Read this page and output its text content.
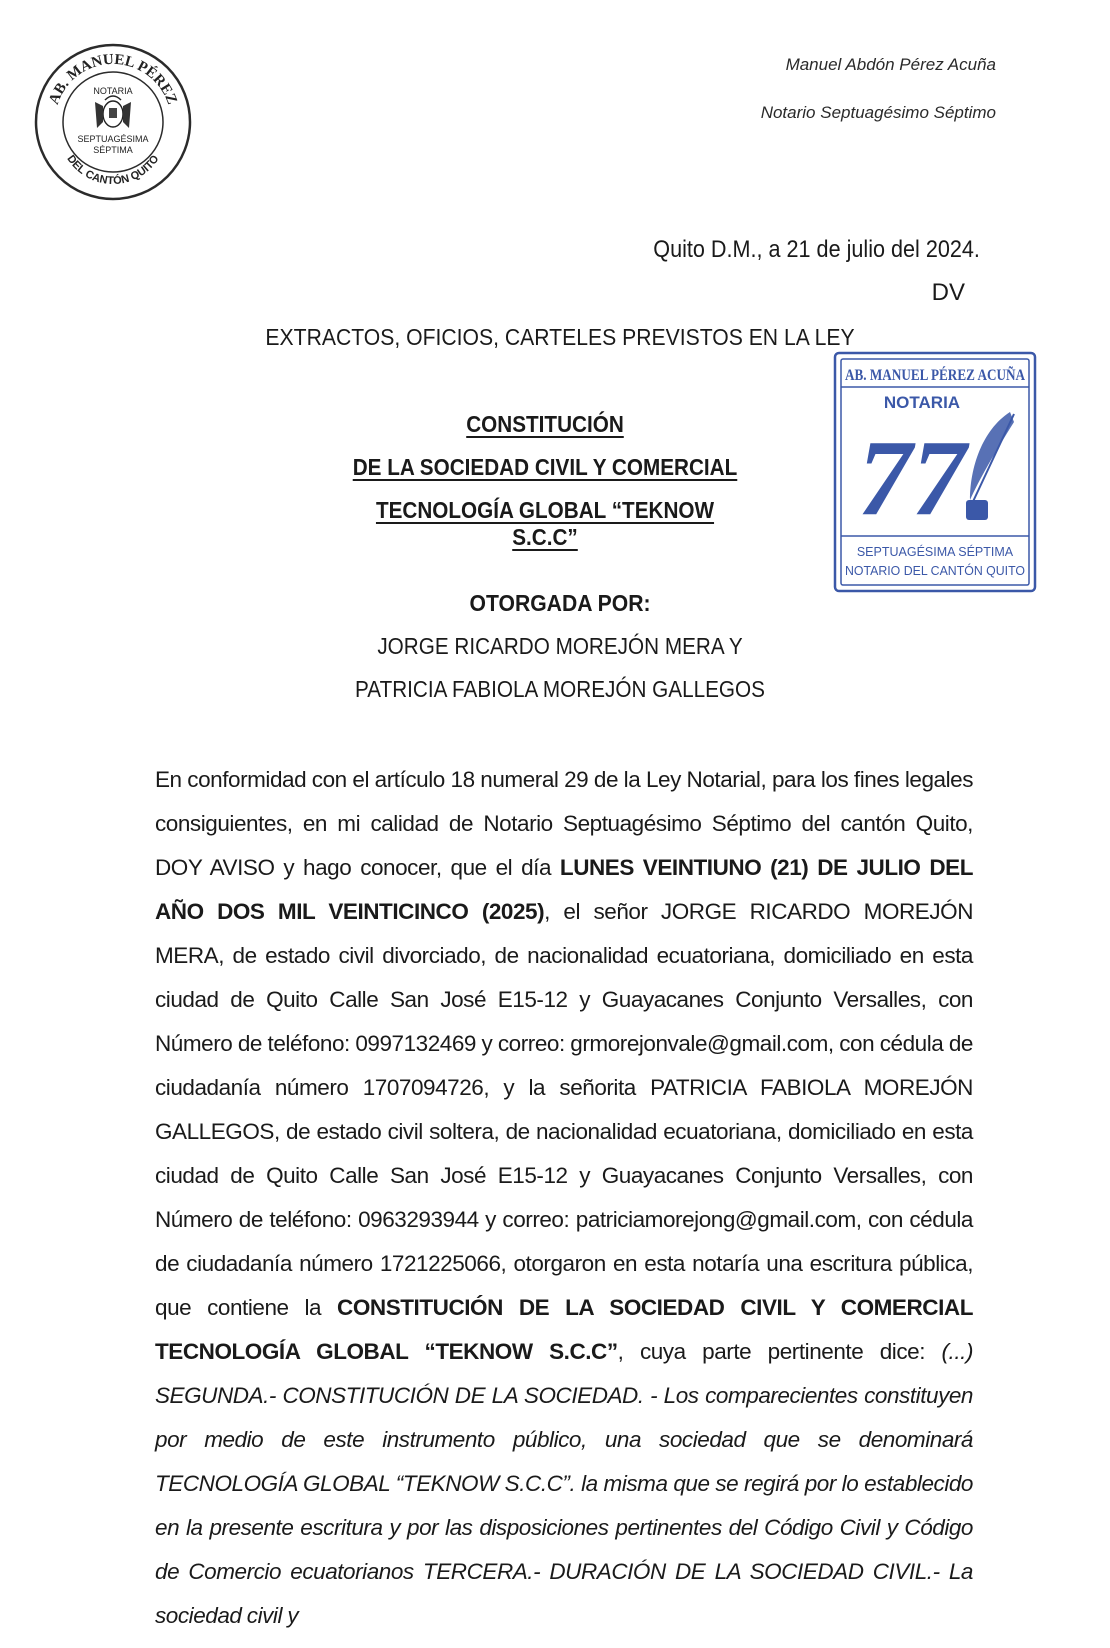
AB. MANUEL PÉREZ
DEL CANTÓN QUITO
NOTARIA
SEPTUAGÉSIMA
SÉPTIMA
Manuel Abdón Pérez Acuña
Notario Septuagésimo Séptimo
Quito D.M., a 21 de julio del 2024.
DV
EXTRACTOS, OFICIOS, CARTELES PREVISTOS EN LA LEY
AB. MANUEL PÉREZ ACUÑA
NOTARIA
77
SEPTUAGÉSIMA SÉPTIMA
NOTARIO DEL CANTÓN QUITO
CONSTITUCIÓN
DE LA SOCIEDAD CIVIL Y COMERCIAL
TECNOLOGÍA GLOBAL “TEKNOW S.C.C”
OTORGADA POR:
JORGE RICARDO MOREJÓN MERA Y
PATRICIA FABIOLA MOREJÓN GALLEGOS
En conformidad con el artículo 18 numeral 29 de la Ley Notarial, para los fines legales consiguientes, en mi calidad de Notario Septuagésimo Séptimo del cantón Quito, DOY AVISO y hago conocer, que el día LUNES VEINTIUNO (21) DE JULIO DEL AÑO DOS MIL VEINTICINCO (2025), el señor JORGE RICARDO MOREJÓN MERA, de estado civil divorciado, de nacionalidad ecuatoriana, domiciliado en esta ciudad de Quito Calle San José E15-12 y Guayacanes Conjunto Versalles, con Número de teléfono: 0997132469 y correo: grmorejonvale@gmail.com, con cédula de ciudadanía número 1707094726, y la señorita PATRICIA FABIOLA MOREJÓN GALLEGOS, de estado civil soltera, de nacionalidad ecuatoriana, domiciliado en esta ciudad de Quito Calle San José E15-12 y Guayacanes Conjunto Versalles, con Número de teléfono: 0963293944 y correo: patriciamorejong@gmail.com, con cédula de ciudadanía número 1721225066, otorgaron en esta notaría una escritura pública, que contiene la CONSTITUCIÓN DE LA SOCIEDAD CIVIL Y COMERCIAL TECNOLOGÍA GLOBAL “TEKNOW S.C.C”, cuya parte pertinente dice: (...) SEGUNDA.- CONSTITUCIÓN DE LA SOCIEDAD. - Los comparecientes constituyen por medio de este instrumento público, una sociedad que se denominará TECNOLOGÍA GLOBAL “TEKNOW S.C.C”. la misma que se regirá por lo establecido en la presente escritura y por las disposiciones pertinentes del Código Civil y Código de Comercio ecuatorianos TERCERA.- DURACIÓN DE LA SOCIEDAD CIVIL.- La sociedad civil y
